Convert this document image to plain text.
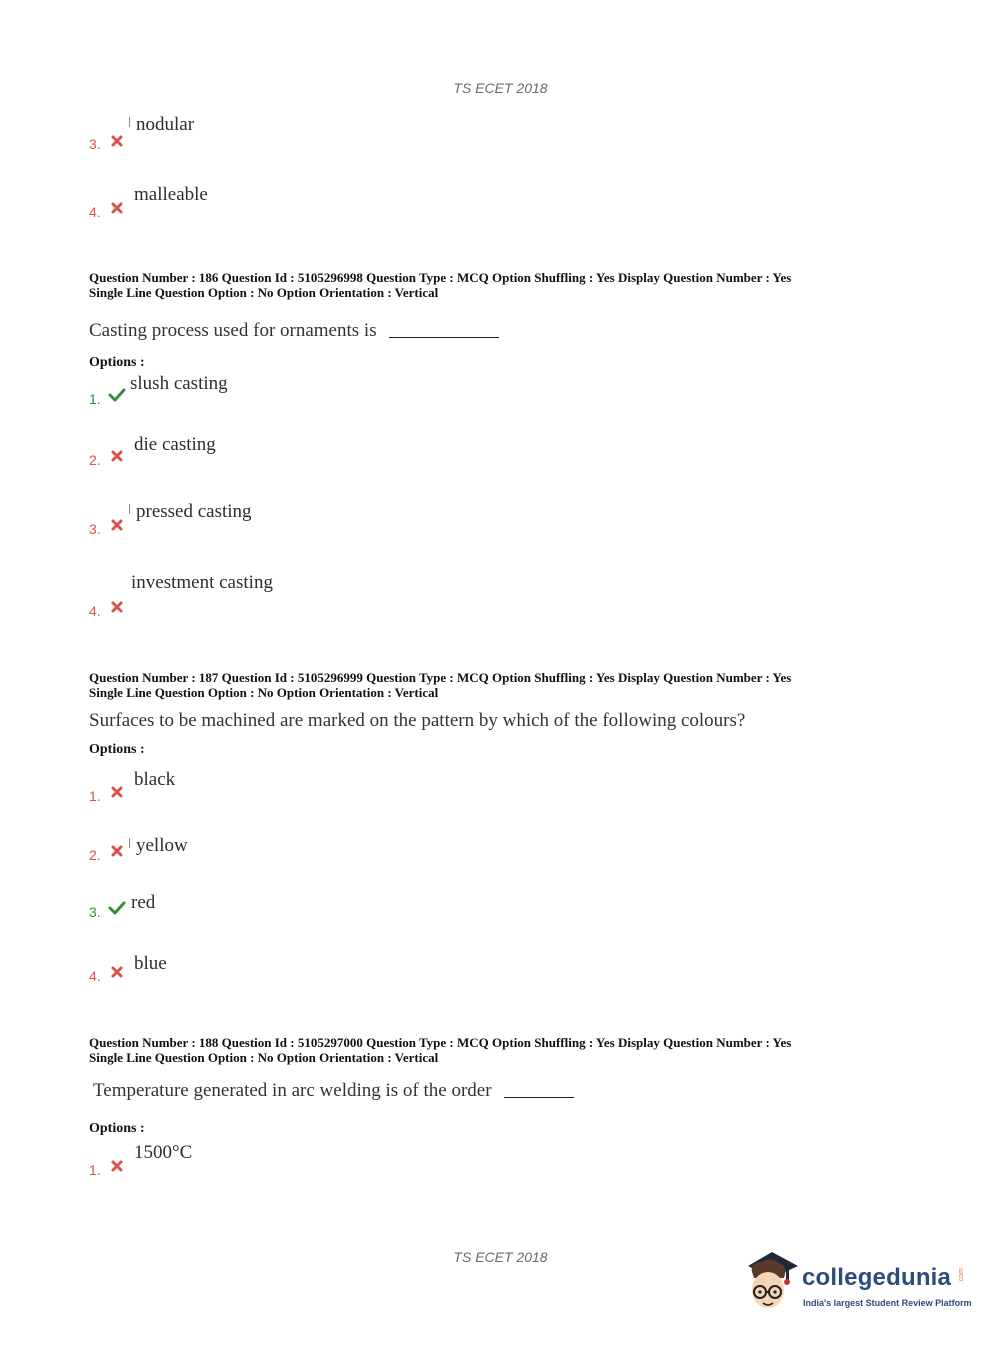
TS ECET 2018
nodular
3.
malleable
4.
Question Number : 186 Question Id : 5105296998 Question Type : MCQ Option Shuffling : Yes Display Question Number : Yes
Single Line Question Option : No Option Orientation : Vertical
Casting process used for ornaments is
Options :
slush casting
1.
die casting
2.
pressed casting
3.
investment casting
4.
Question Number : 187 Question Id : 5105296999 Question Type : MCQ Option Shuffling : Yes Display Question Number : Yes
Single Line Question Option : No Option Orientation : Vertical
Surfaces to be machined are marked on the pattern by which of the following colours?
Options :
black
1.
yellow
2.
red
3.
blue
4.
Question Number : 188 Question Id : 5105297000 Question Type : MCQ Option Shuffling : Yes Display Question Number : Yes
Single Line Question Option : No Option Orientation : Vertical
Temperature generated in arc welding is of the order
Options :
1500°C
1.
TS ECET 2018
collegedunia .com
India's largest Student Review Platform
